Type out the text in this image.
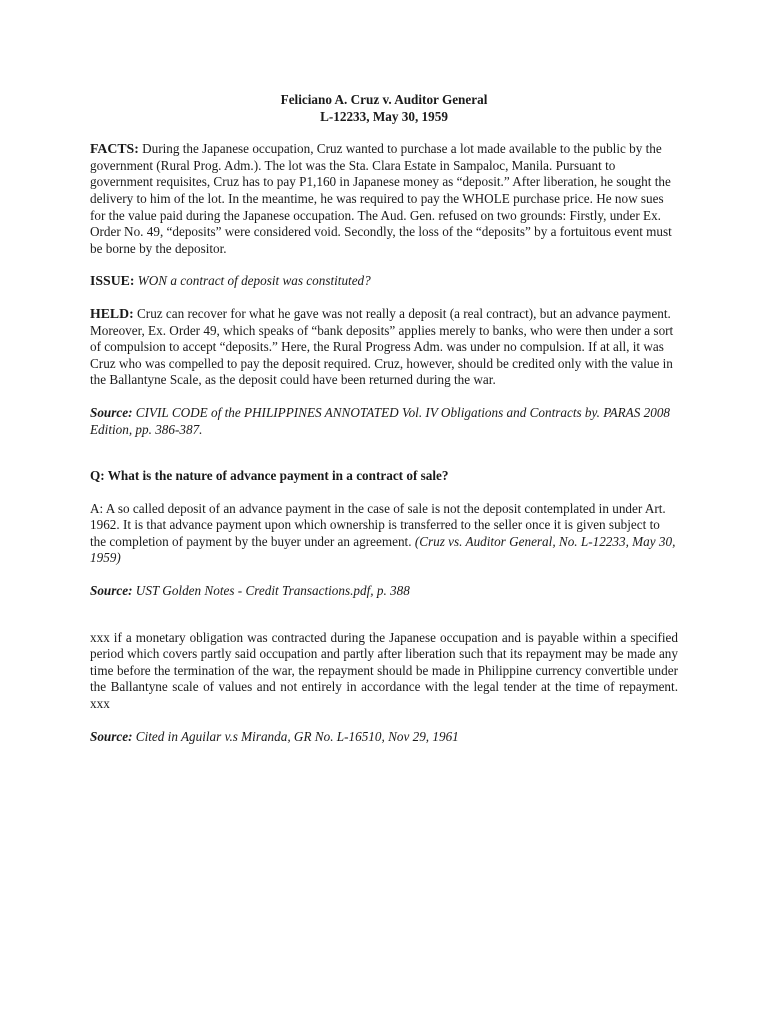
Feliciano A. Cruz v. Auditor General

L-12233, May 30, 1959

FACTS: During the Japanese occupation, Cruz wanted to purchase a lot made available to the public by the government (Rural Prog. Adm.). The lot was the Sta. Clara Estate in Sampaloc, Manila. Pursuant to government requisites, Cruz has to pay P1,160 in Japanese money as “deposit.” After liberation, he sought the delivery to him of the lot. In the meantime, he was required to pay the WHOLE purchase price. He now sues for the value paid during the Japanese occupation. The Aud. Gen. refused on two grounds: Firstly, under Ex. Order No. 49, “deposits” were considered void. Secondly, the loss of the “deposits” by a fortuitous event must be borne by the depositor.

ISSUE: WON a contract of deposit was constituted?

HELD: Cruz can recover for what he gave was not really a deposit (a real contract), but an advance payment. Moreover, Ex. Order 49, which speaks of “bank deposits” applies merely to banks, who were then under a sort of compulsion to accept “deposits.” Here, the Rural Progress Adm. was under no compulsion. If at all, it was Cruz who was compelled to pay the deposit required. Cruz, however, should be credited only with the value in the Ballantyne Scale, as the deposit could have been returned during the war.

Source: CIVIL CODE of the PHILIPPINES ANNOTATED Vol. IV Obligations and Contracts by. PARAS 2008 Edition, pp. 386-387.

Q: What is the nature of advance payment in a contract of sale?

A: A so called deposit of an advance payment in the case of sale is not the deposit contemplated in under Art. 1962. It is that advance payment upon which ownership is transferred to the seller once it is given subject to the completion of payment by the buyer under an agreement. (Cruz vs. Auditor General, No. L-12233, May 30, 1959)

Source: UST Golden Notes - Credit Transactions.pdf, p. 388

xxx if a monetary obligation was contracted during the Japanese occupation and is payable within a specified period which covers partly said occupation and partly after liberation such that its repayment may be made any time before the termination of the war, the repayment should be made in Philippine currency convertible under the Ballantyne scale of values and not entirely in accordance with the legal tender at the time of repayment. xxx

Source: Cited in Aguilar v.s Miranda, GR No. L-16510, Nov 29, 1961
